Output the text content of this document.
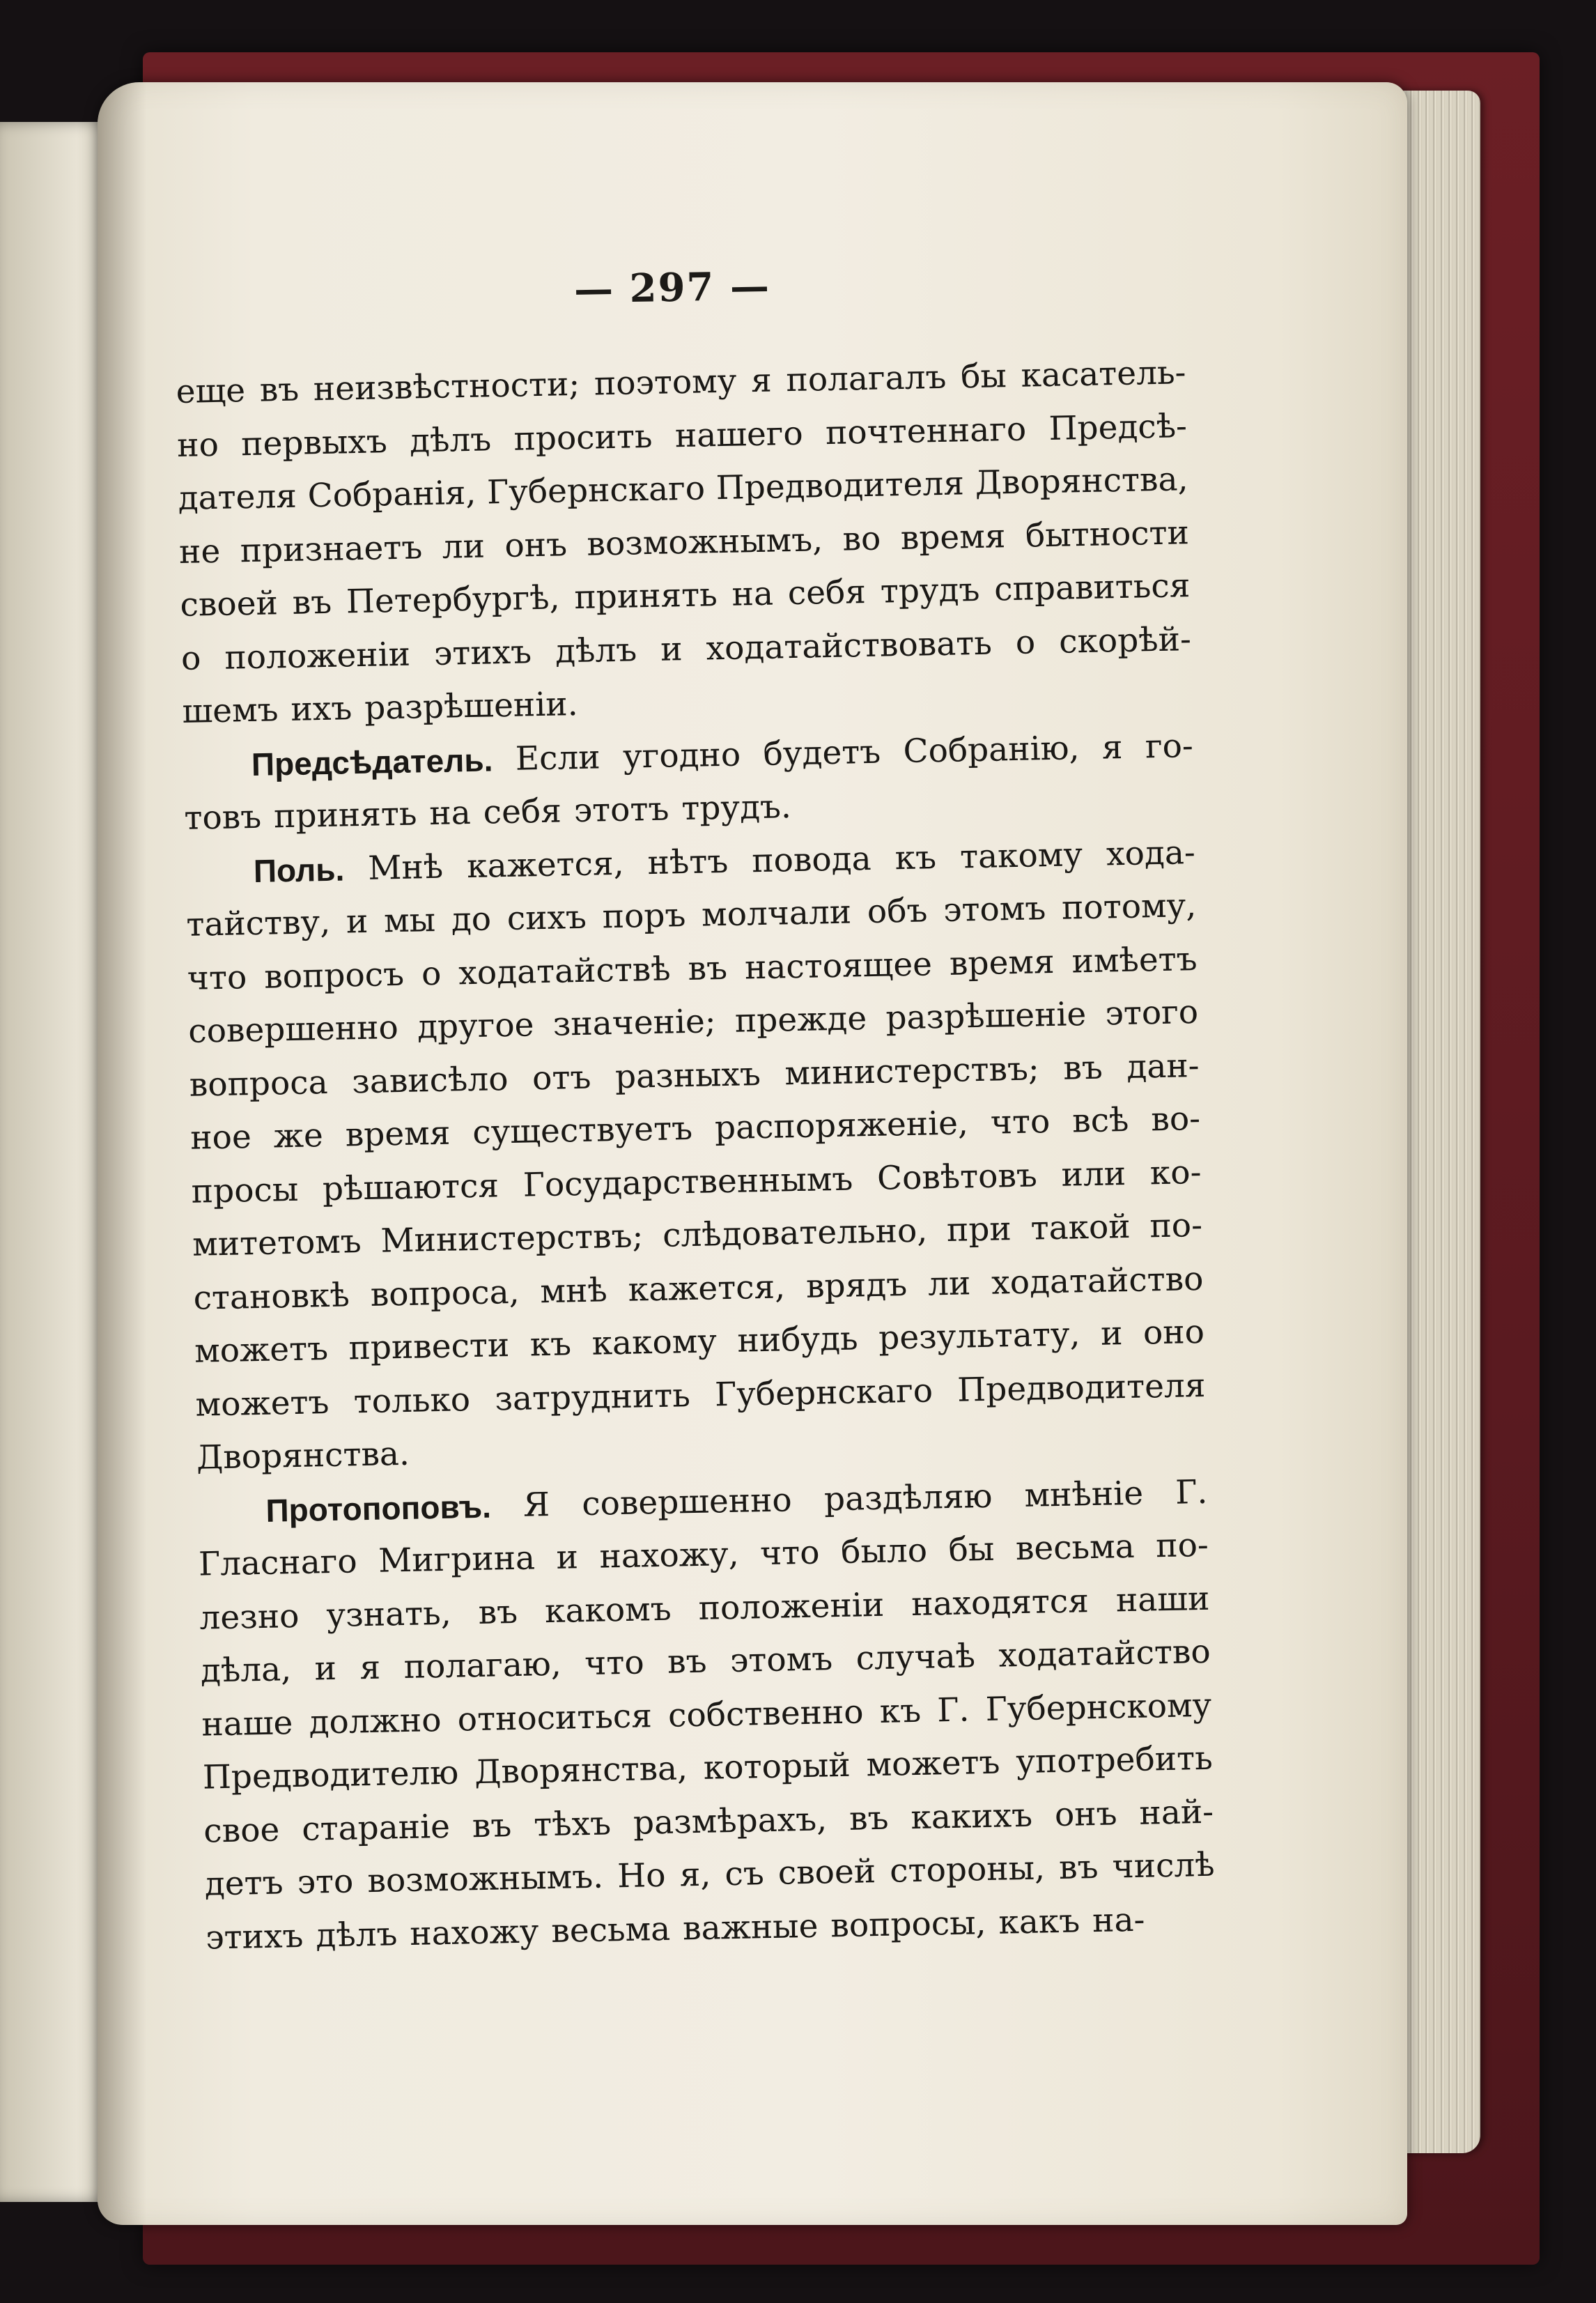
— 297 —
еще въ неизвѣстности; поэтому я полагалъ бы касатель-
но первыхъ дѣлъ просить нашего почтеннаго Предсѣ-
дателя Собранія, Губернскаго Предводителя Дворянства,
не признаетъ ли онъ возможнымъ, во время бытности
своей въ Петербургѣ, принять на себя трудъ справиться
о положеніи этихъ дѣлъ и ходатайствовать о скорѣй-
шемъ ихъ разрѣшеніи.
Предсѣдатель. Если угодно будетъ Собранію, я го-
товъ принять на себя этотъ трудъ.
Поль. Мнѣ кажется, нѣтъ повода къ такому хода-
тайству, и мы до сихъ поръ молчали объ этомъ потому,
что вопросъ о ходатайствѣ въ настоящее время имѣетъ
совершенно другое значеніе; прежде разрѣшеніе этого
вопроса зависѣло отъ разныхъ министерствъ; въ дан-
ное же время существуетъ распоряженіе, что всѣ во-
просы рѣшаются Государственнымъ Совѣтовъ или ко-
митетомъ Министерствъ; слѣдовательно, при такой по-
становкѣ вопроса, мнѣ кажется, врядъ ли ходатайство
можетъ привести къ какому нибудь результату, и оно
можетъ только затруднить Губернскаго Предводителя
Дворянства.
Протопоповъ. Я совершенно раздѣляю мнѣніе Г.
Гласнаго Мигрина и нахожу, что было бы весьма по-
лезно узнать, въ какомъ положеніи находятся наши
дѣла, и я полагаю, что въ этомъ случаѣ ходатайство
наше должно относиться собственно къ Г. Губернскому
Предводителю Дворянства, который можетъ употребить
свое стараніе въ тѣхъ размѣрахъ, въ какихъ онъ най-
детъ это возможнымъ. Но я, съ своей стороны, въ числѣ
этихъ дѣлъ нахожу весьма важные вопросы, какъ на-
